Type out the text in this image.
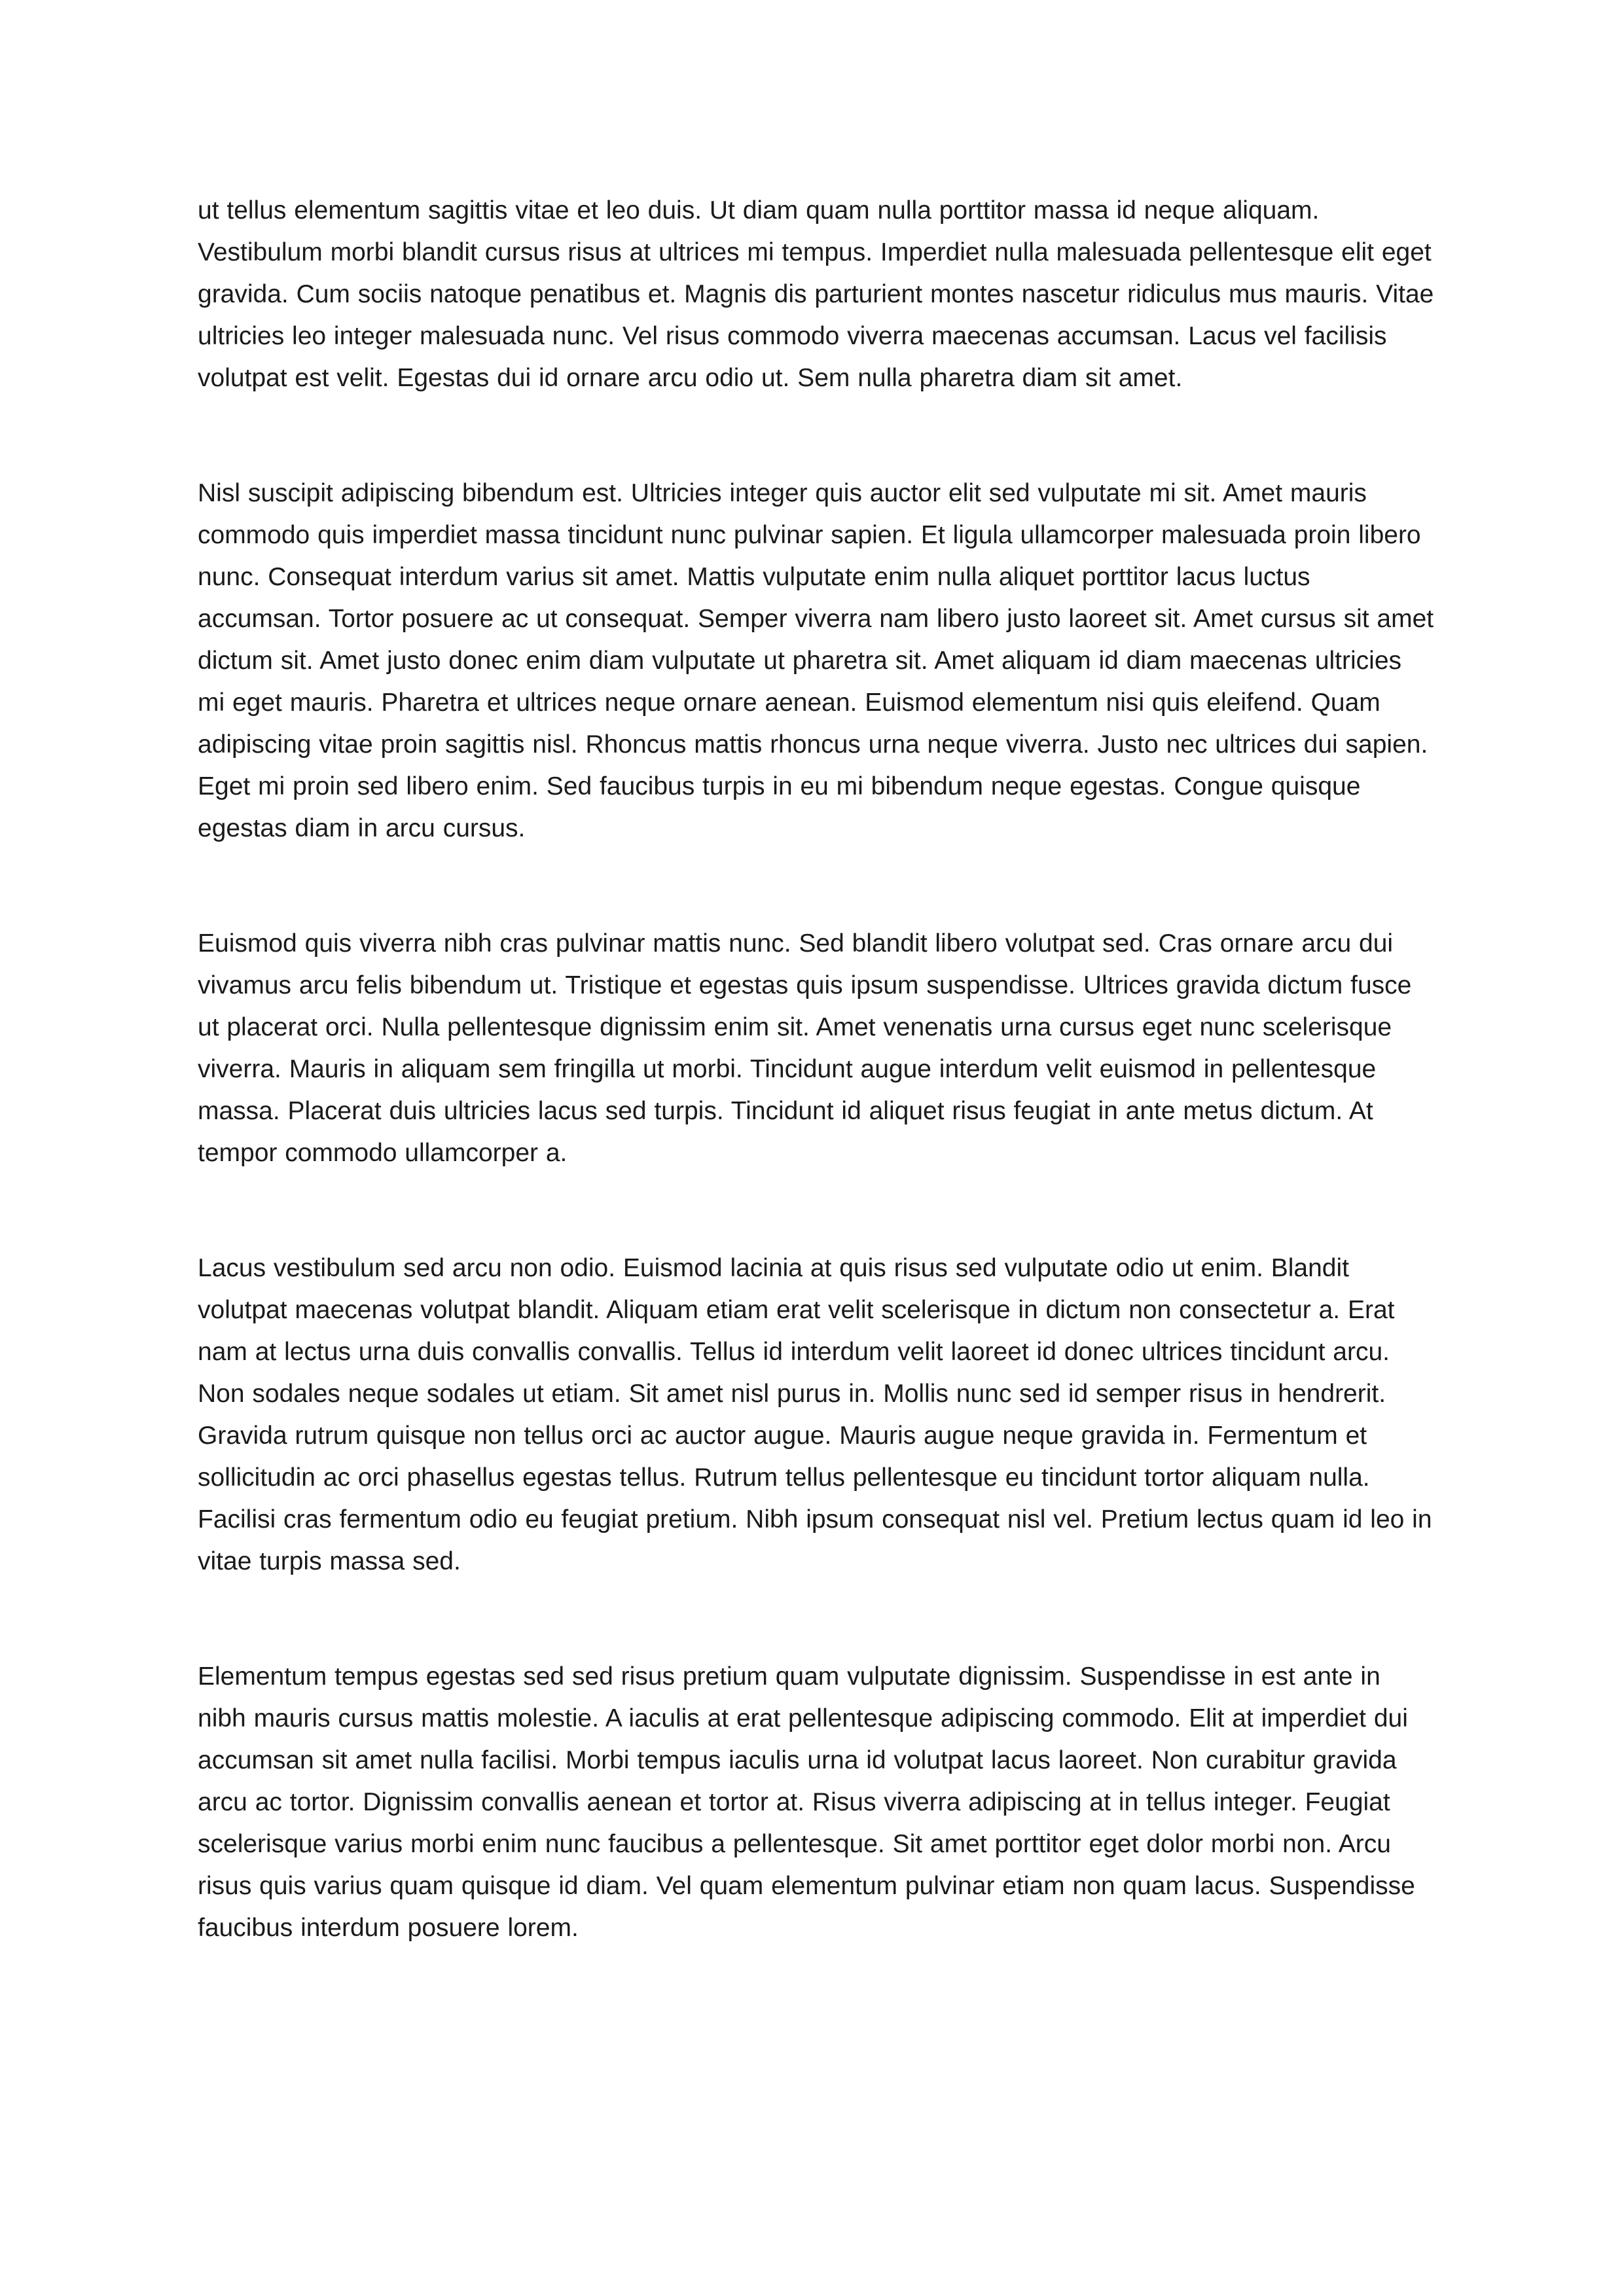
ut tellus elementum sagittis vitae et leo duis. Ut diam quam nulla porttitor massa id neque aliquam. Vestibulum morbi blandit cursus risus at ultrices mi tempus. Imperdiet nulla malesuada pellentesque elit eget gravida. Cum sociis natoque penatibus et. Magnis dis parturient montes nascetur ridiculus mus mauris. Vitae ultricies leo integer malesuada nunc. Vel risus commodo viverra maecenas accumsan. Lacus vel facilisis volutpat est velit. Egestas dui id ornare arcu odio ut. Sem nulla pharetra diam sit amet.

Nisl suscipit adipiscing bibendum est. Ultricies integer quis auctor elit sed vulputate mi sit. Amet mauris commodo quis imperdiet massa tincidunt nunc pulvinar sapien. Et ligula ullamcorper malesuada proin libero nunc. Consequat interdum varius sit amet. Mattis vulputate enim nulla aliquet porttitor lacus luctus accumsan. Tortor posuere ac ut consequat. Semper viverra nam libero justo laoreet sit. Amet cursus sit amet dictum sit. Amet justo donec enim diam vulputate ut pharetra sit. Amet aliquam id diam maecenas ultricies mi eget mauris. Pharetra et ultrices neque ornare aenean. Euismod elementum nisi quis eleifend. Quam adipiscing vitae proin sagittis nisl. Rhoncus mattis rhoncus urna neque viverra. Justo nec ultrices dui sapien. Eget mi proin sed libero enim. Sed faucibus turpis in eu mi bibendum neque egestas. Congue quisque egestas diam in arcu cursus.

Euismod quis viverra nibh cras pulvinar mattis nunc. Sed blandit libero volutpat sed. Cras ornare arcu dui vivamus arcu felis bibendum ut. Tristique et egestas quis ipsum suspendisse. Ultrices gravida dictum fusce ut placerat orci. Nulla pellentesque dignissim enim sit. Amet venenatis urna cursus eget nunc scelerisque viverra. Mauris in aliquam sem fringilla ut morbi. Tincidunt augue interdum velit euismod in pellentesque massa. Placerat duis ultricies lacus sed turpis. Tincidunt id aliquet risus feugiat in ante metus dictum. At tempor commodo ullamcorper a.

Lacus vestibulum sed arcu non odio. Euismod lacinia at quis risus sed vulputate odio ut enim. Blandit volutpat maecenas volutpat blandit. Aliquam etiam erat velit scelerisque in dictum non consectetur a. Erat nam at lectus urna duis convallis convallis. Tellus id interdum velit laoreet id donec ultrices tincidunt arcu. Non sodales neque sodales ut etiam. Sit amet nisl purus in. Mollis nunc sed id semper risus in hendrerit. Gravida rutrum quisque non tellus orci ac auctor augue. Mauris augue neque gravida in. Fermentum et sollicitudin ac orci phasellus egestas tellus. Rutrum tellus pellentesque eu tincidunt tortor aliquam nulla. Facilisi cras fermentum odio eu feugiat pretium. Nibh ipsum consequat nisl vel. Pretium lectus quam id leo in vitae turpis massa sed.

Elementum tempus egestas sed sed risus pretium quam vulputate dignissim. Suspendisse in est ante in nibh mauris cursus mattis molestie. A iaculis at erat pellentesque adipiscing commodo. Elit at imperdiet dui accumsan sit amet nulla facilisi. Morbi tempus iaculis urna id volutpat lacus laoreet. Non curabitur gravida arcu ac tortor. Dignissim convallis aenean et tortor at. Risus viverra adipiscing at in tellus integer. Feugiat scelerisque varius morbi enim nunc faucibus a pellentesque. Sit amet porttitor eget dolor morbi non. Arcu risus quis varius quam quisque id diam. Vel quam elementum pulvinar etiam non quam lacus. Suspendisse faucibus interdum posuere lorem.
